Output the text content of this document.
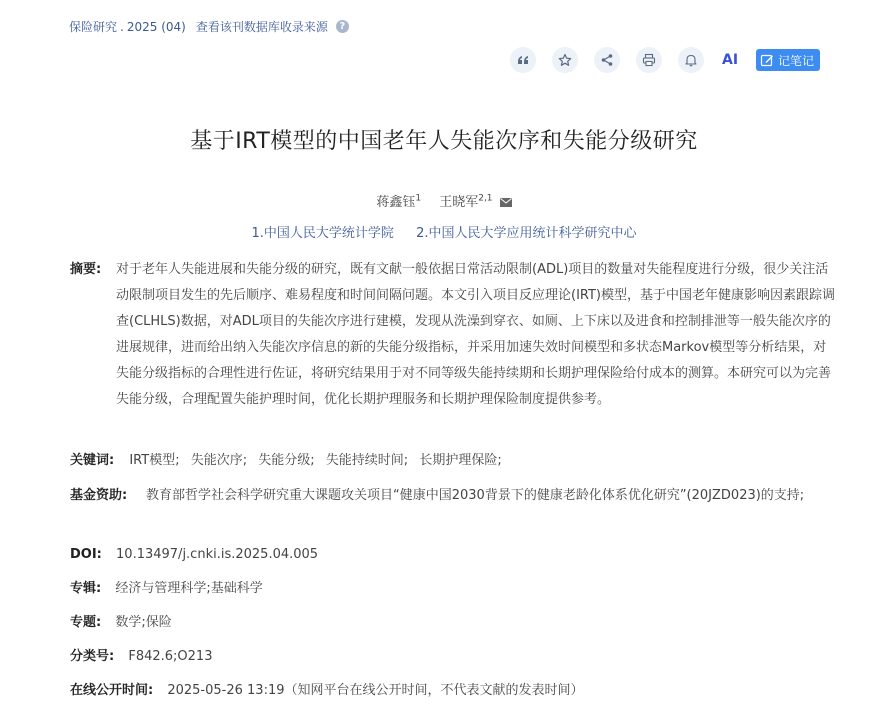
保险研究 . 2025 (04) 查看该刊数据库收录来源	?
AI	记笔记
基于IRT模型的中国老年人失能次序和失能分级研究
蒋鑫钰$^1$ 王晓军$^{2,1}$
1.中国人民大学统计学院 2.中国人民大学应用统计科学研究中心
摘要:	对于老年人失能进展和失能分级的研究，既有文献一般依据日常活动限制(ADL)项目的数量对失能程度进行分级，很少关注活动限制项目发生的先后顺序、难易程度和时间间隔问题。本文引入项目反应理论(IRT)模型，基于中国老年健康影响因素跟踪调查(CLHLS)数据，对ADL项目的失能次序进行建模，发现从洗澡到穿衣、如厕、上下床以及进食和控制排泄等一般失能次序的进展规律，进而给出纳入失能次序信息的新的失能分级指标，并采用加速失效时间模型和多状态Markov模型等分析结果，对失能分级指标的合理性进行佐证，将研究结果用于对不同等级失能持续期和长期护理保险给付成本的测算。本研究可以为完善失能分级，合理配置失能护理时间，优化长期护理服务和长期护理保险制度提供参考。
关键词: IRT模型; 失能次序; 失能分级; 失能持续时间; 长期护理保险;
基金资助:	教育部哲学社会科学研究重大课题攻关项目“健康中国2030背景下的健康老龄化体系优化研究”(20JZD023)的支持;
DOI: 10.13497/j.cnki.is.2025.04.005
专辑: 经济与管理科学;基础科学
专题: 数学;保险
分类号: F842.6;O213
在线公开时间: 2025-05-26 13:19（知网平台在线公开时间，不代表文献的发表时间）
